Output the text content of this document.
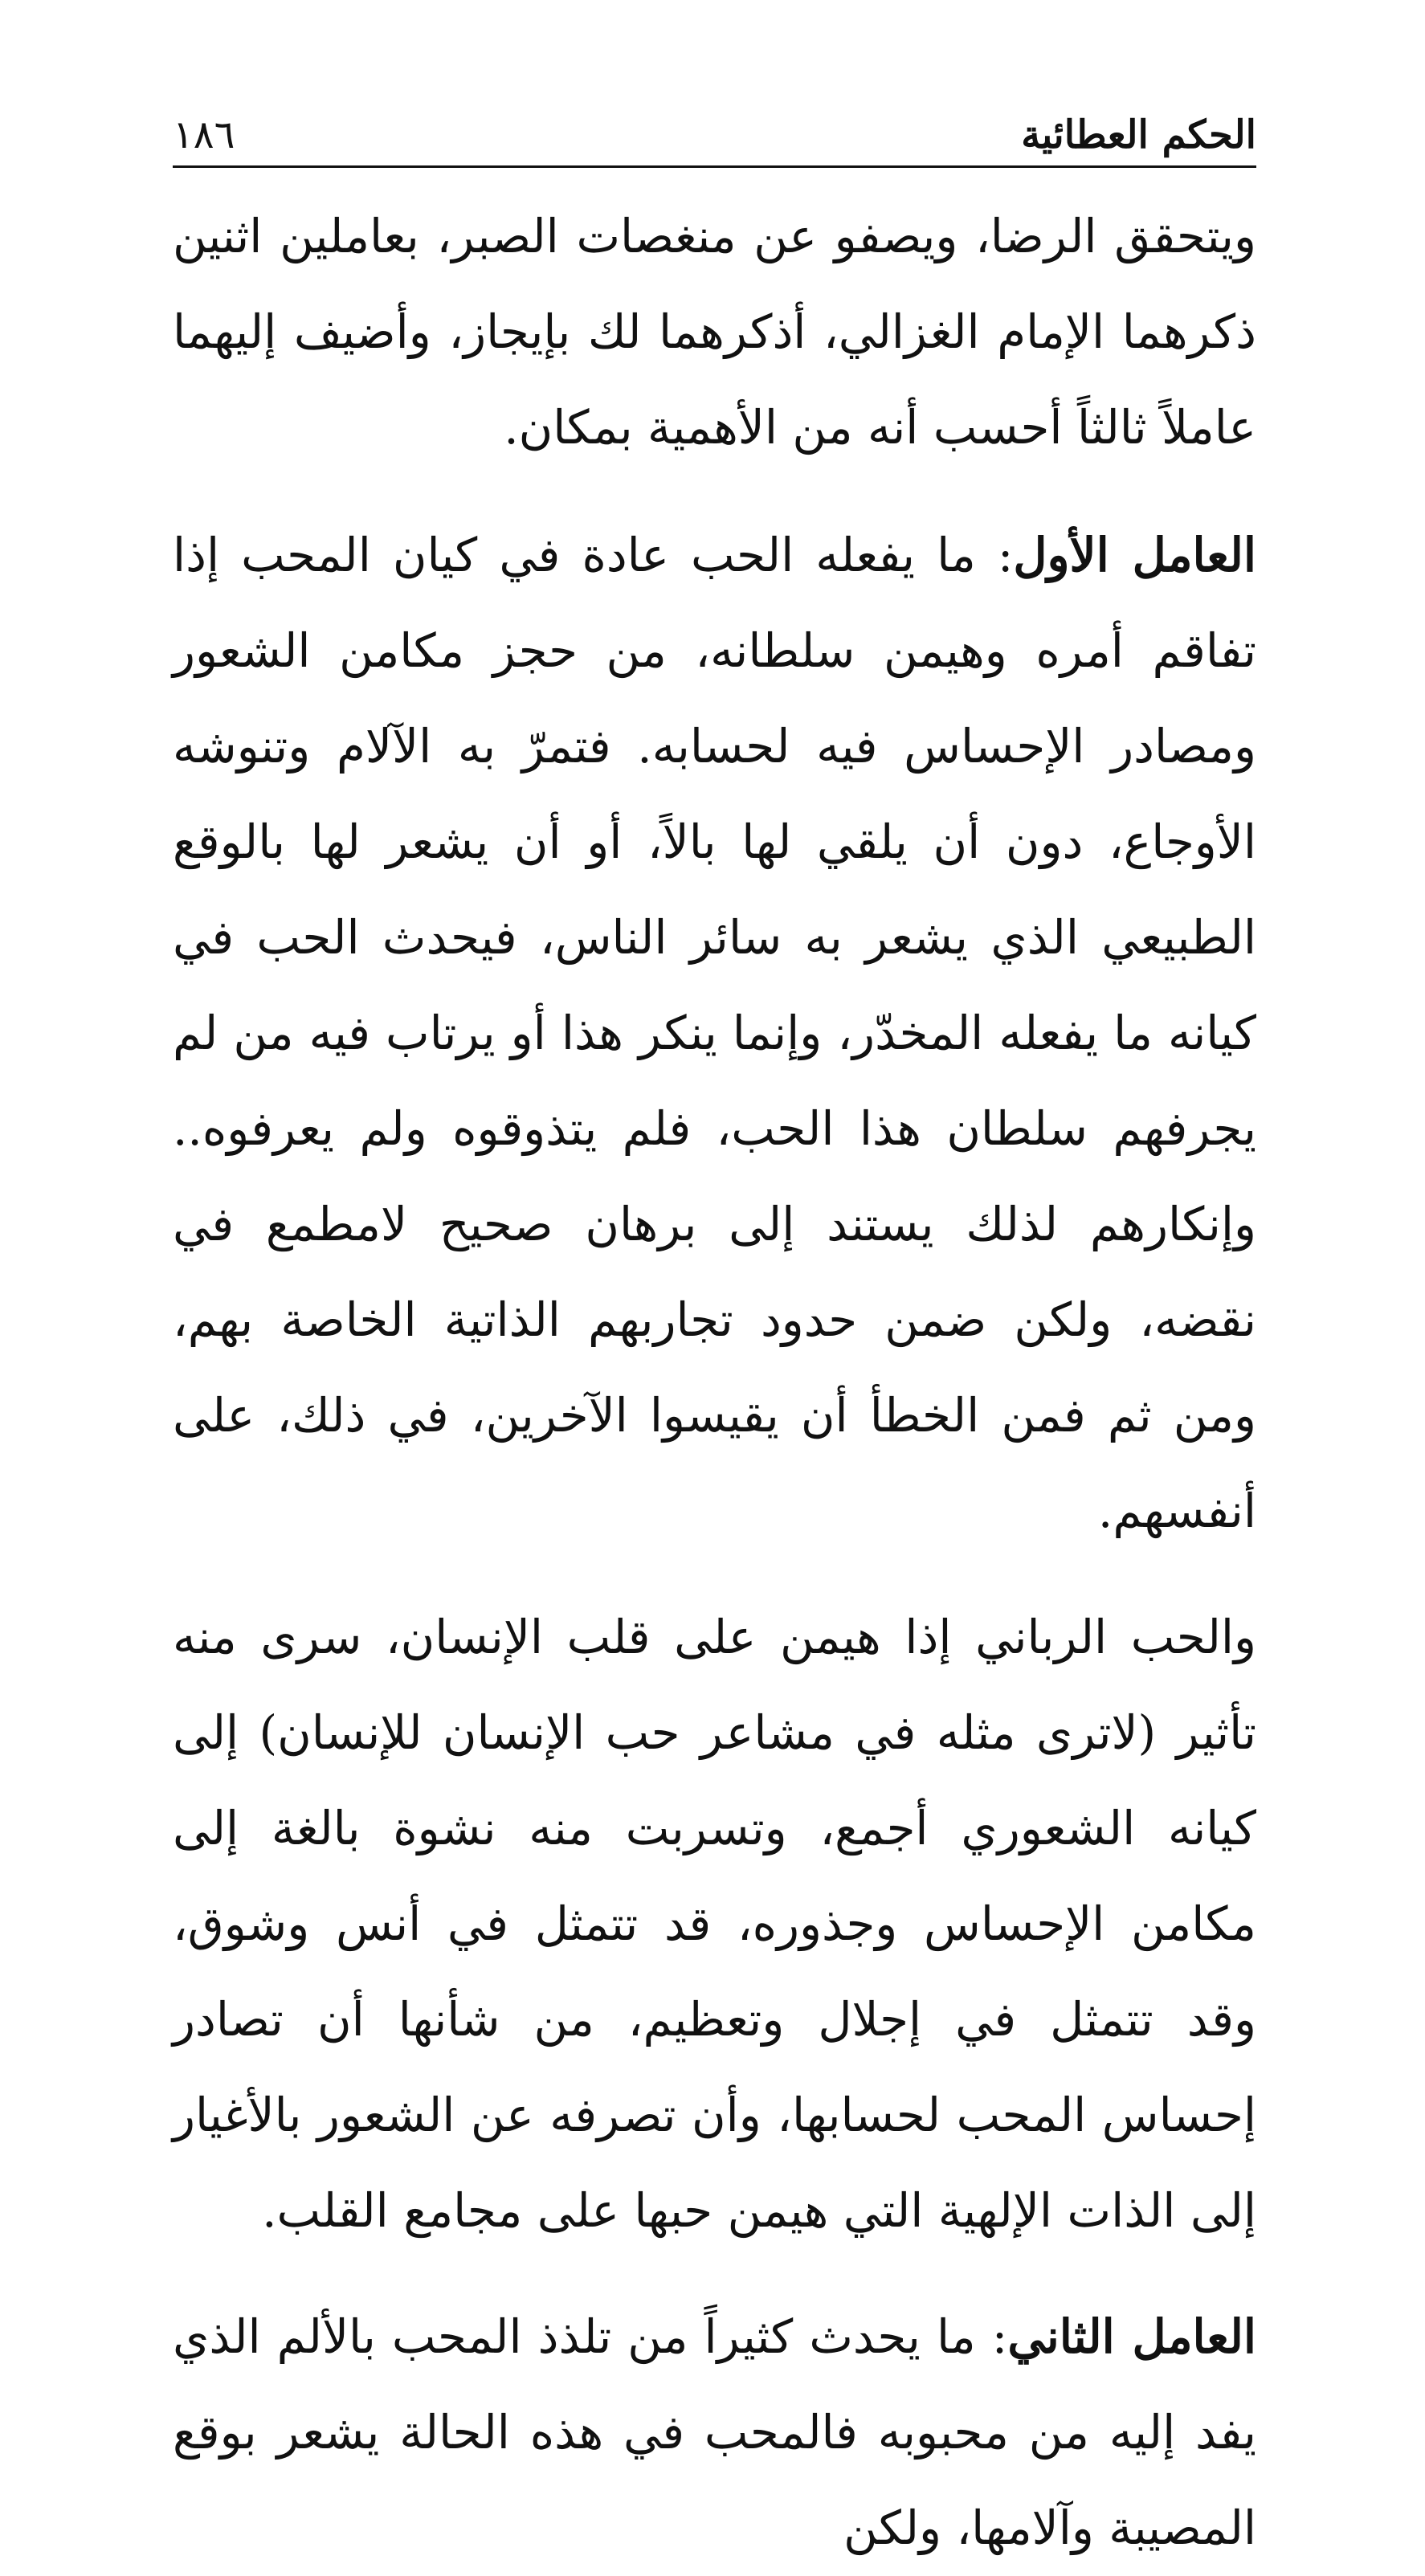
١٨٦	الحكم العطائية

ويتحقق الرضا، ويصفو عن منغصات الصبر، بعاملين اثنين ذكرهما الإمام الغزالي، أذكرهما لك بإيجاز، وأضيف إليهما عاملاً ثالثاً أحسب أنه من الأهمية بمكان.

العامل الأول: ما يفعله الحب عادة في كيان المحب إذا تفاقم أمره وهيمن سلطانه، من حجز مكامن الشعور ومصادر الإحساس فيه لحسابه. فتمرّ به الآلام وتنوشه الأوجاع، دون أن يلقي لها بالاً، أو أن يشعر لها بالوقع الطبيعي الذي يشعر به سائر الناس، فيحدث الحب في كيانه ما يفعله المخدّر، وإنما ينكر هذا أو يرتاب فيه من لم يجرفهم سلطان هذا الحب، فلم يتذوقوه ولم يعرفوه.. وإنكارهم لذلك يستند إلى برهان صحيح لامطمع في نقضه، ولكن ضمن حدود تجاربهم الذاتية الخاصة بهم، ومن ثم فمن الخطأ أن يقيسوا الآخرين، في ذلك، على أنفسهم.

والحب الرباني إذا هيمن على قلب الإنسان، سرى منه تأثير (لاترى مثله في مشاعر حب الإنسان للإنسان) إلى كيانه الشعوري أجمع، وتسربت منه نشوة بالغة إلى مكامن الإحساس وجذوره، قد تتمثل في أنس وشوق، وقد تتمثل في إجلال وتعظيم، من شأنها أن تصادر إحساس المحب لحسابها، وأن تصرفه عن الشعور بالأغيار إلى الذات الإلهية التي هيمن حبها على مجامع القلب.

العامل الثاني: ما يحدث كثيراً من تلذذ المحب بالألم الذي يفد إليه من محبوبه فالمحب في هذه الحالة يشعر بوقع المصيبة وآلامها، ولكن
